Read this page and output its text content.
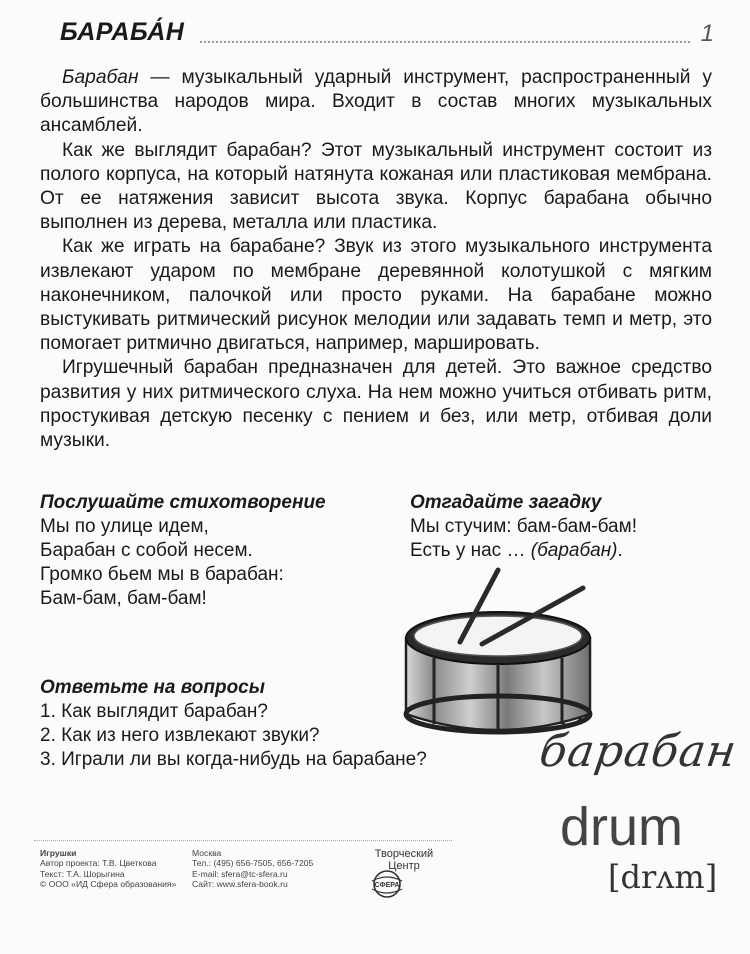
БАРАБА́Н	1

Барабан — музыкальный ударный инструмент, распространенный у большинства народов мира. Входит в состав многих музыкальных ансамблей.

Как же выглядит барабан? Этот музыкальный инструмент состоит из полого корпуса, на который натянута кожаная или пластиковая мембрана. От ее натяжения зависит высота звука. Корпус барабана обычно выполнен из дерева, металла или пластика.

Как же играть на барабане? Звук из этого музыкального инструмента извлекают ударом по мембране деревянной колотушкой с мягким наконечником, палочкой или просто руками. На барабане можно выстукивать ритмический рисунок мелодии или задавать темп и метр, это помогает ритмично двигаться, например, маршировать.

Игрушечный барабан предназначен для детей. Это важное средство развития у них ритмического слуха. На нем можно учиться отбивать ритм, простукивая детскую песенку с пением и без, или метр, отбивая доли музыки.

Послушайте стихотворение
Мы по улице идем,
Барабан с собой несем.
Громко бьем мы в барабан:
Бам-бам, бам-бам!
Отгадайте загадку
Мы стучим: бам-бам-бам!
Есть у нас … (барабан).
Ответьте на вопросы
1. Как выглядит барабан?
2. Как из него извлекают звуки?
3. Играли ли вы когда-нибудь на барабане? барабан
drum
[drʌm]
Игрушки
Автор проекта: Т.В. Цветкова
Текст: Т.А. Шорыгина
© ООО «ИД Сфера образования»
Москва
Тел.: (495) 656-7505, 656-7205
E-mail: sfera@tc-sfera.ru
Сайт: www.sfera-book.ru
Творческий
Центр
СФЕРА
